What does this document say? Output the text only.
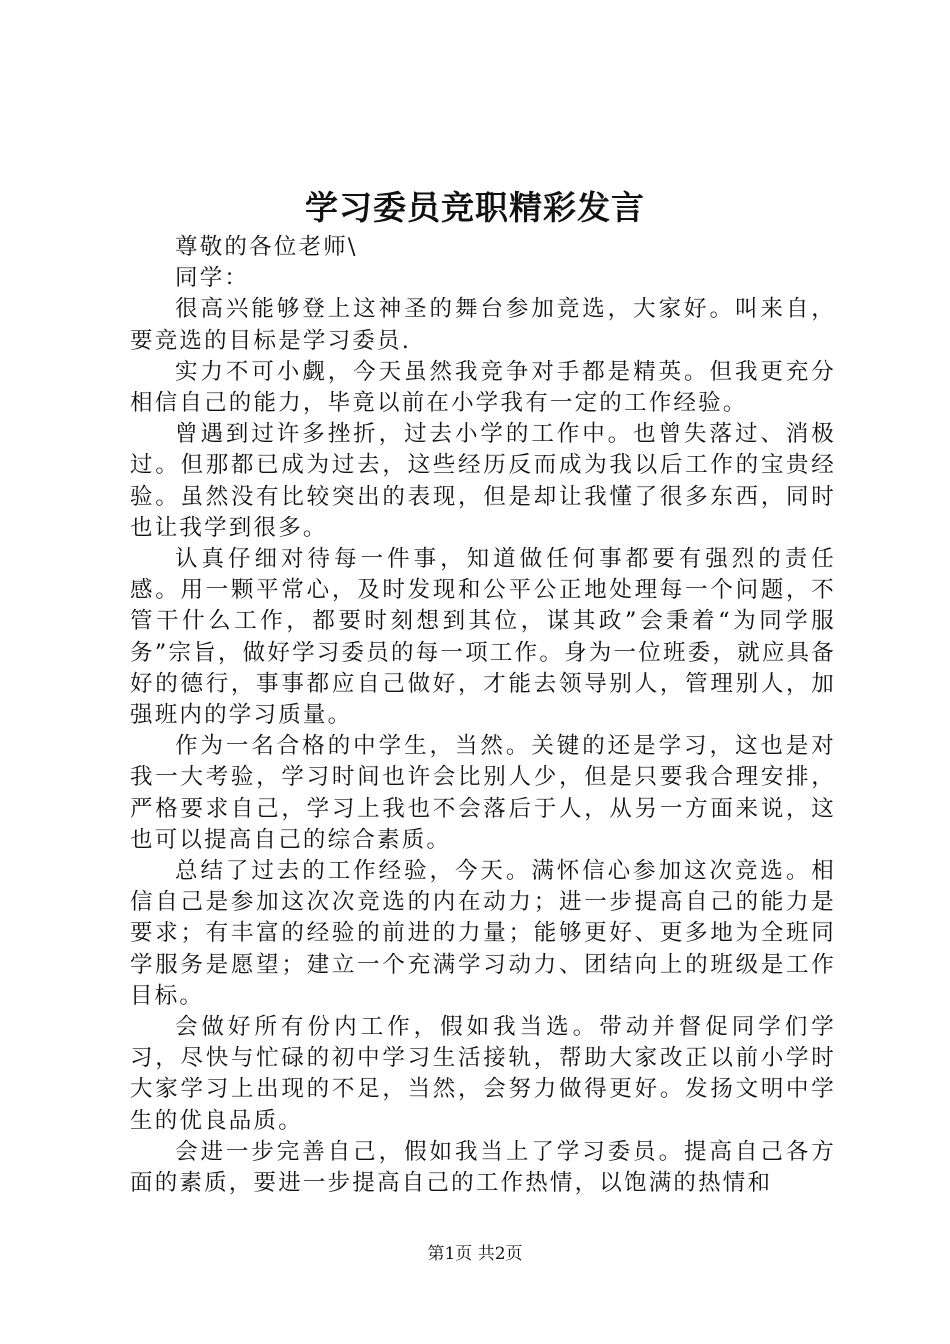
学习委员竞职精彩发言

尊敬的各位老师\

同学：

很高兴能够登上这神圣的舞台参加竞选，大家好。叫来自，要竞选的目标是学习委员.

实力不可小觑，今天虽然我竞争对手都是精英。但我更充分相信自己的能力，毕竟以前在小学我有一定的工作经验。

曾遇到过许多挫折，过去小学的工作中。也曾失落过、消极过。但那都已成为过去，这些经历反而成为我以后工作的宝贵经验。虽然没有比较突出的表现，但是却让我懂了很多东西，同时也让我学到很多。

认真仔细对待每一件事，知道做任何事都要有强烈的责任感。用一颗平常心，及时发现和公平公正地处理每一个问题，不管干什么工作，都要时刻想到其位，谋其政”会秉着“为同学服务”宗旨，做好学习委员的每一项工作。身为一位班委，就应具备好的德行，事事都应自己做好，才能去领导别人，管理别人，加强班内的学习质量。

作为一名合格的中学生，当然。关键的还是学习，这也是对我一大考验，学习时间也许会比别人少，但是只要我合理安排，严格要求自己，学习上我也不会落后于人，从另一方面来说，这也可以提高自己的综合素质。

总结了过去的工作经验，今天。满怀信心参加这次竞选。相信自己是参加这次次竞选的内在动力；进一步提高自己的能力是要求；有丰富的经验的前进的力量；能够更好、更多地为全班同学服务是愿望；建立一个充满学习动力、团结向上的班级是工作目标。

会做好所有份内工作，假如我当选。带动并督促同学们学习，尽快与忙碌的初中学习生活接轨，帮助大家改正以前小学时大家学习上出现的不足，当然，会努力做得更好。发扬文明中学生的优良品质。

会进一步完善自己，假如我当上了学习委员。提高自己各方面的素质，要进一步提高自己的工作热情，以饱满的热情和

第1页 共2页
